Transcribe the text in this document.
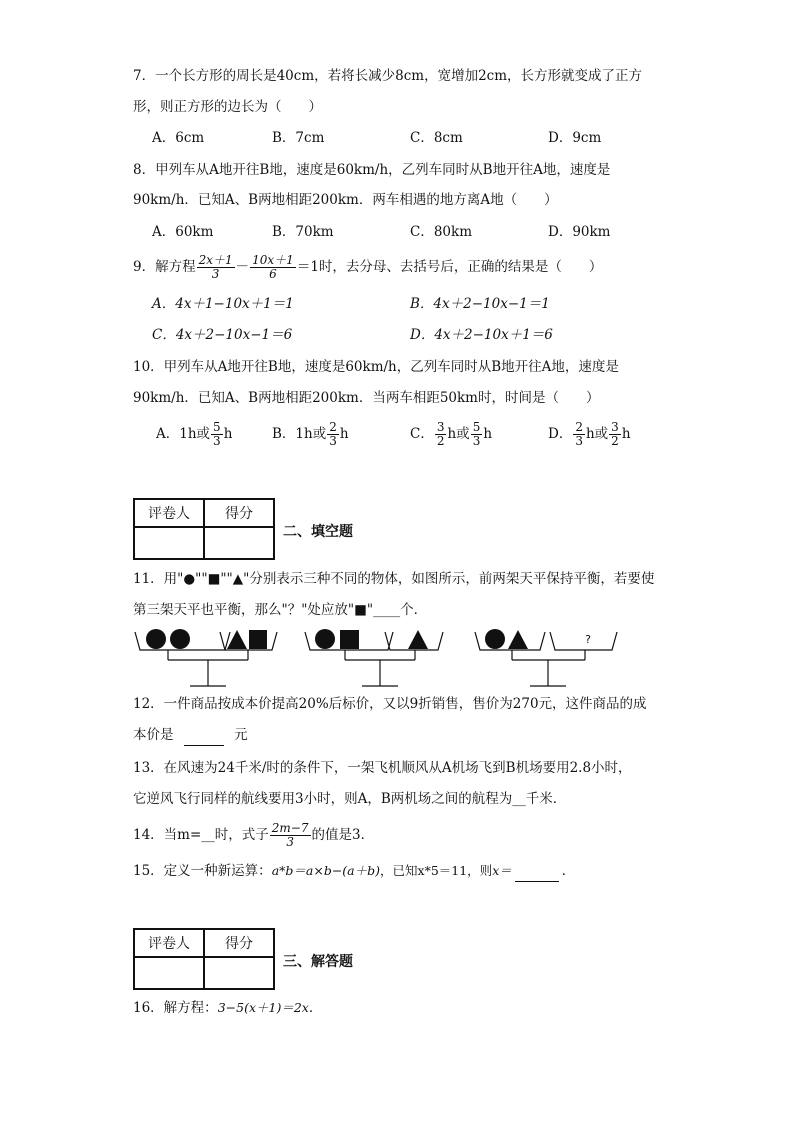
7．一个长方形的周长是40cm，若将长减少8cm，宽增加2cm，长方形就变成了正方
形，则正方形的边长为（　　）
A．6cm	B．7cm	C．8cm	D．9cm
8．甲列车从A地开往B地，速度是60km/h，乙列车同时从B地开往A地，速度是
90km/h．已知A、B两地相距200km．两车相遇的地方离A地（　　）
A．60km	B．70km	C．80km	D．90km
9．解方程 $\frac{2x+1}{3} - \frac{10x+1}{6} =1$时，去分母、去括号后，正确的结果是（　　）
A．4x＋1−10x＋1＝1	B．4x＋2−10x−1＝1
C．4x＋2−10x−1＝6	D．4x＋2−10x＋1＝6
10．甲列车从A地开往B地，速度是60km/h，乙列车同时从B地开往A地，速度是
90km/h．已知A、B两地相距200km．当两车相距50km时，时间是（　　）
A．1h或 $\frac{5}{3}$ h	B．1h或 $\frac{2}{3}$ h	C． $\frac{3}{2}$ h或 $\frac{5}{3}$ h	D． $\frac{2}{3}$ h或 $\frac{3}{2}$ h
评卷人	得分

二、填空题
11．用"●""■""▲"分别表示三种不同的物体，如图所示，前两架天平保持平衡，若要使
第三架天平也平衡，那么"？"处应放"■"____个．
?
12．一件商品按成本价提高20%后标价，又以9折销售，售价为270元，这件商品的成
本价是	元
13．在风速为24千米/时的条件下，一架飞机顺风从A机场飞到B机场要用2.8小时，
它逆风飞行同样的航线要用3小时，则A，B两机场之间的航程为__千米．
14．当m=__时，式子 $\frac{2m-7}{3}$ 的值是3．
15．定义一种新运算：a*b＝a×b−(a＋b)，已知x*5＝11，则x＝	．
评卷人	得分

三、解答题
16．解方程：3−5(x＋1)＝2x．
